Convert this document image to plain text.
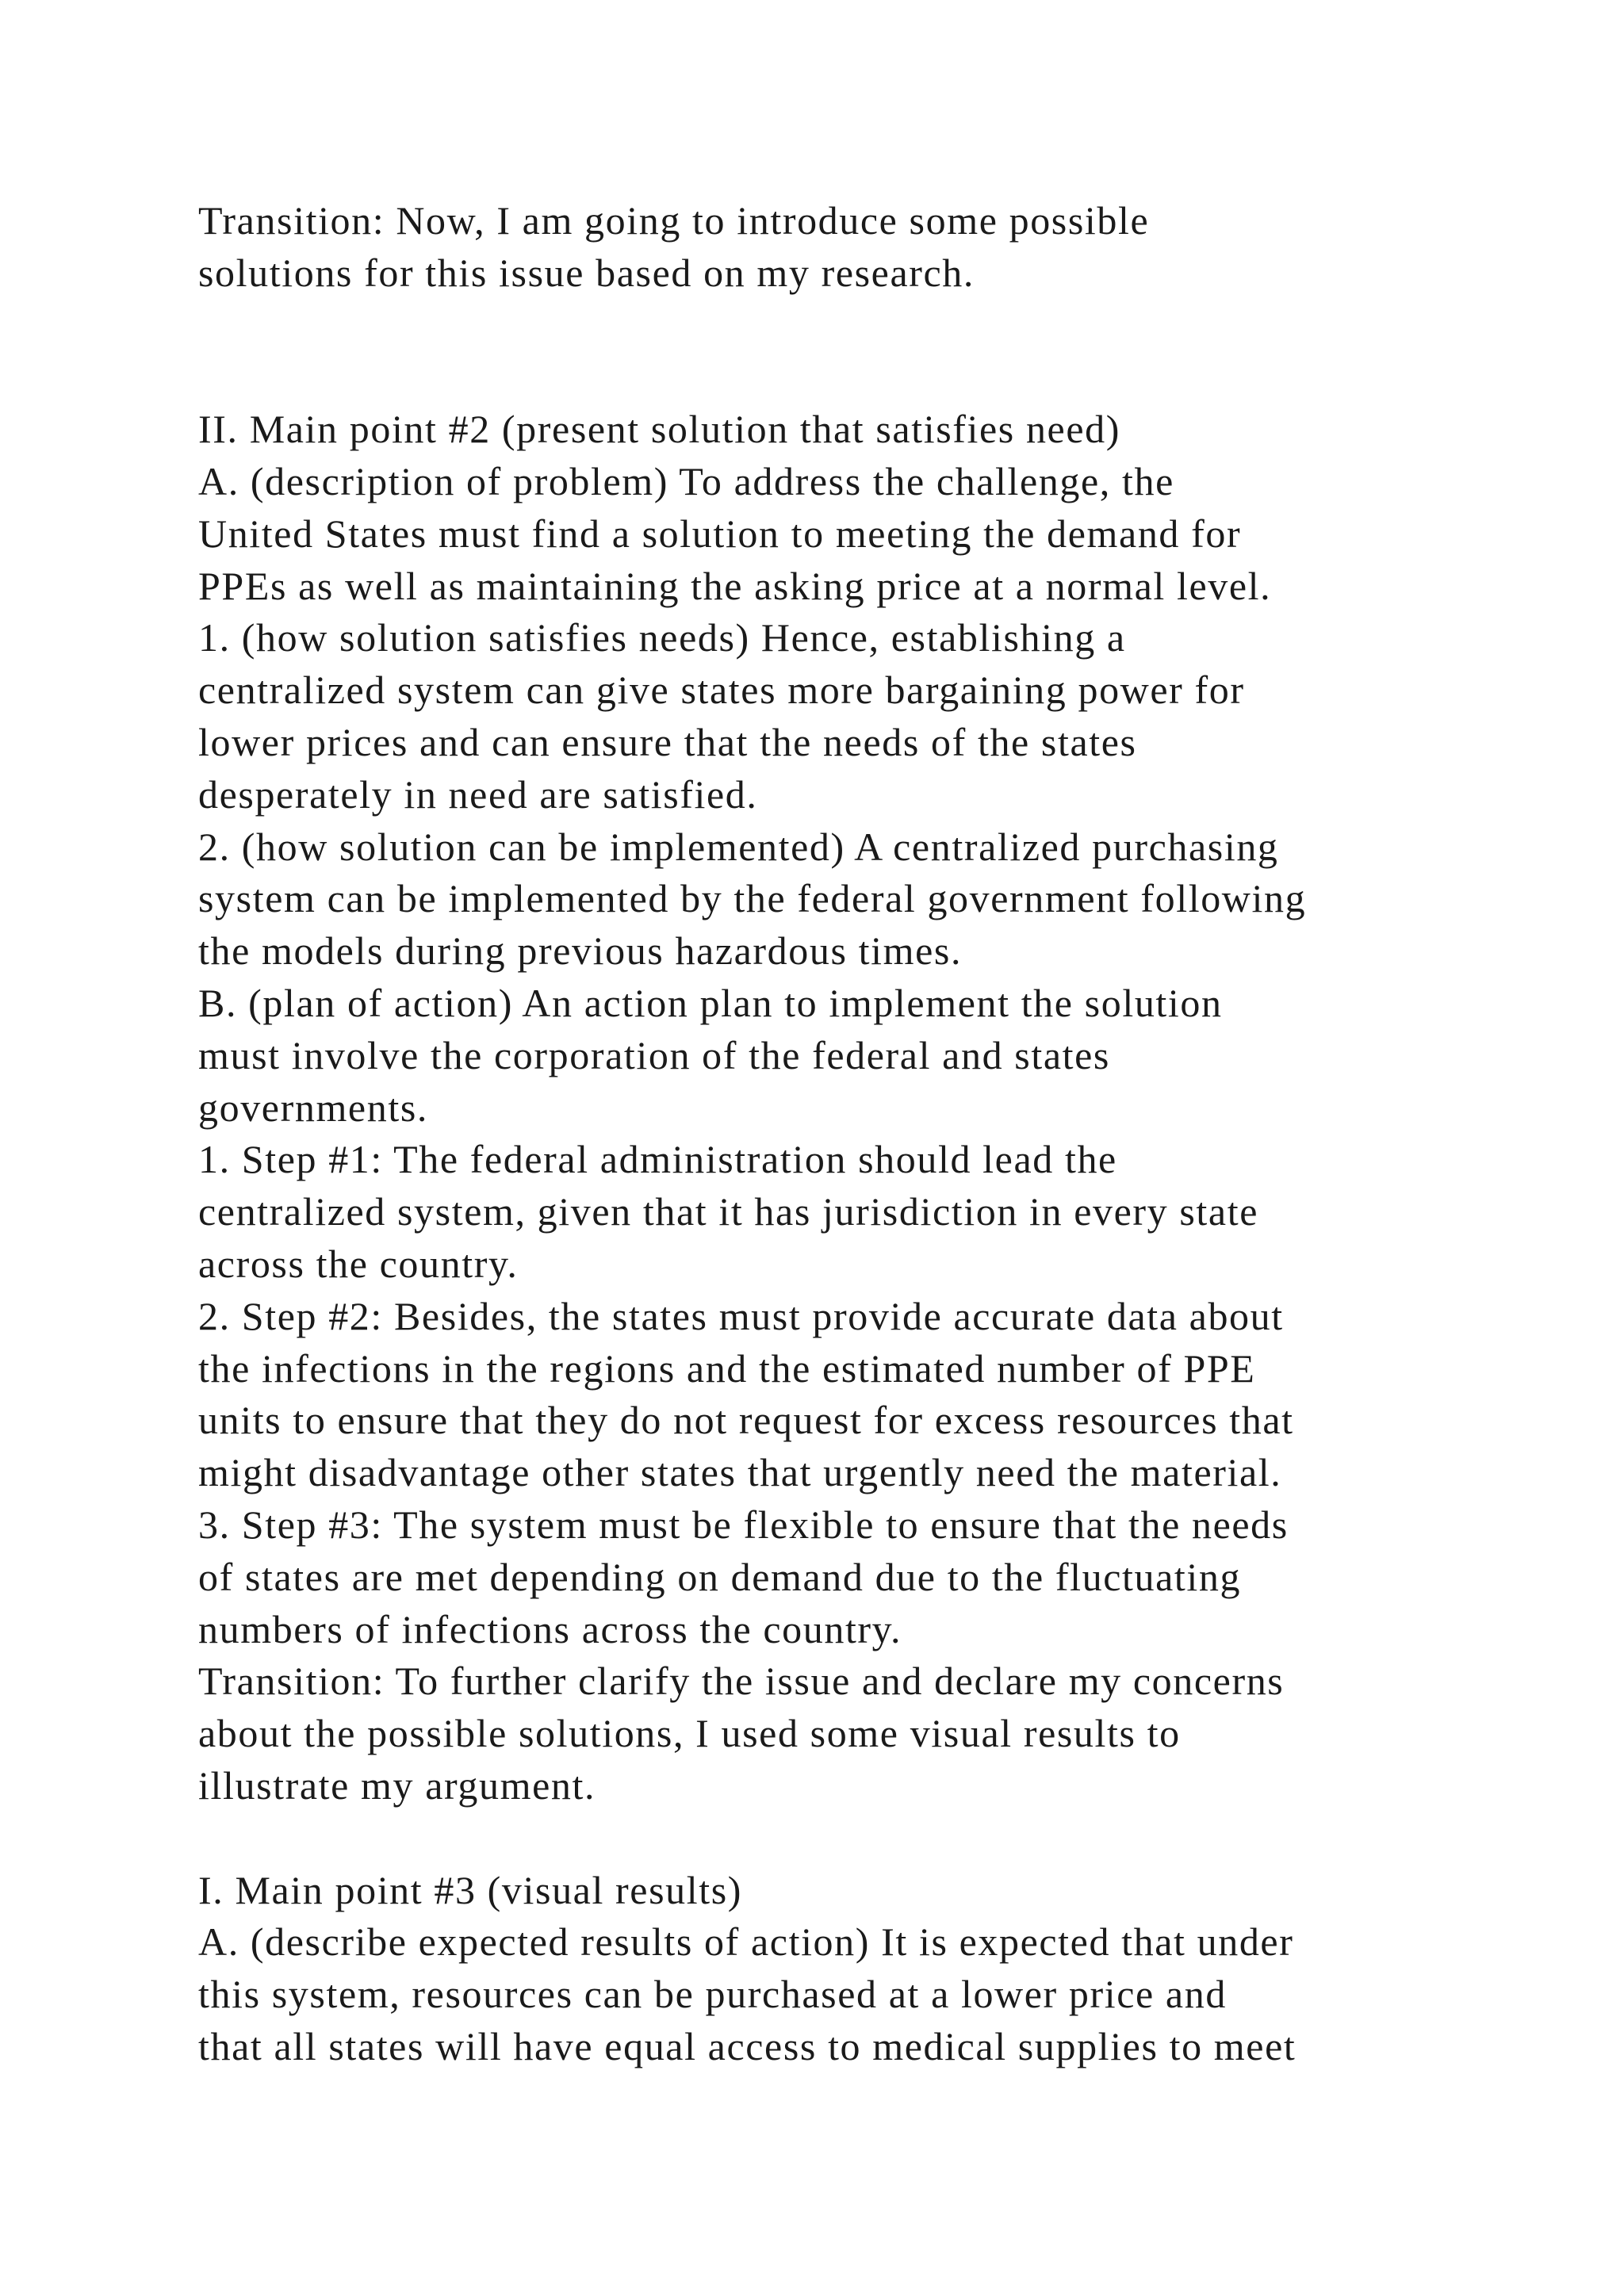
Transition: Now, I am going to introduce some possible

solutions for this issue based on my research.

II. Main point #2 (present solution that satisfies need)

A. (description of problem) To address the challenge, the

United States must find a solution to meeting the demand for

PPEs as well as maintaining the asking price at a normal level.

1. (how solution satisfies needs) Hence, establishing a

centralized system can give states more bargaining power for

lower prices and can ensure that the needs of the states

desperately in need are satisfied.

2. (how solution can be implemented) A centralized purchasing

system can be implemented by the federal government following

the models during previous hazardous times.

B. (plan of action) An action plan to implement the solution

must involve the corporation of the federal and states

governments.

1. Step #1: The federal administration should lead the

centralized system, given that it has jurisdiction in every state

across the country.

2. Step #2: Besides, the states must provide accurate data about

the infections in the regions and the estimated number of PPE

units to ensure that they do not request for excess resources that

might disadvantage other states that urgently need the material.

3. Step #3: The system must be flexible to ensure that the needs

of states are met depending on demand due to the fluctuating

numbers of infections across the country.

Transition: To further clarify the issue and declare my concerns

about the possible solutions, I used some visual results to

illustrate my argument.

I. Main point #3 (visual results)

A. (describe expected results of action) It is expected that under

this system, resources can be purchased at a lower price and

that all states will have equal access to medical supplies to meet
